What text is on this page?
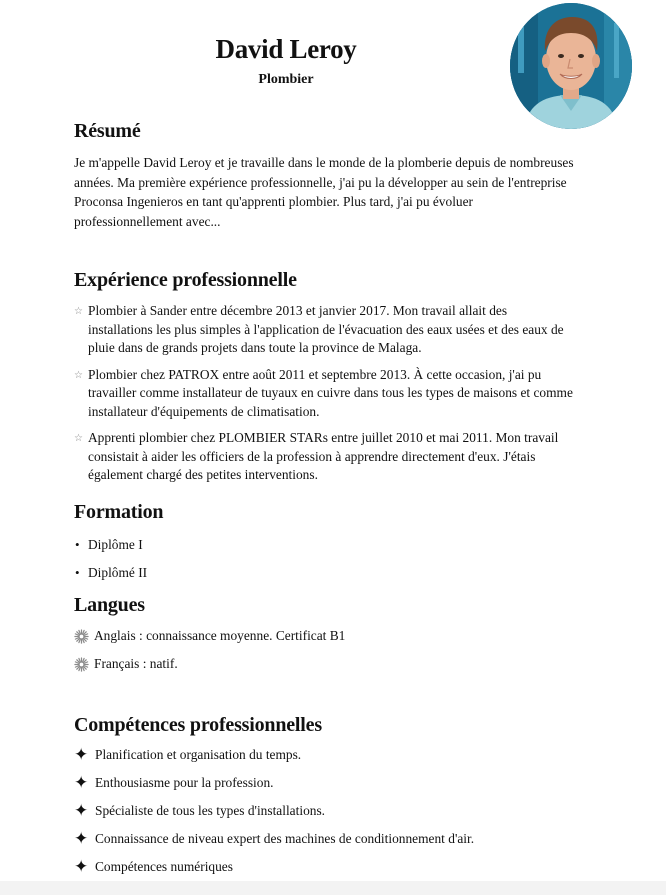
David Leroy
Plombier
Résumé

Je m'appelle David Leroy et je travaille dans le monde de la plomberie depuis de nombreuses années. Ma première expérience professionnelle, j'ai pu la développer au sein de l'entreprise Proconsa Ingenieros en tant qu'apprenti plombier. Plus tard, j'ai pu évoluer professionnellement avec...

Expérience professionnelle
☆ Plombier à Sander entre décembre 2013 et janvier 2017. Mon travail allait des installations les plus simples à l'application de l'évacuation des eaux usées et des eaux de pluie dans de grands projets dans toute la province de Malaga.
☆ Plombier chez PATROX entre août 2011 et septembre 2013. À cette occasion, j'ai pu travailler comme installateur de tuyaux en cuivre dans tous les types de maisons et comme installateur d'équipements de climatisation.
☆ Apprenti plombier chez PLOMBIER STARs entre juillet 2010 et mai 2011. Mon travail consistait à aider les officiers de la profession à apprendre directement d'eux. J'étais également chargé des petites interventions.
Formation
• Diplôme I
• Diplômé II
Langues
Anglais : connaissance moyenne. Certificat B1
Français : natif.
Compétences professionnelles
✦ Planification et organisation du temps.
✦ Enthousiasme pour la profession.
✦ Spécialiste de tous les types d'installations.
✦ Connaissance de niveau expert des machines de conditionnement d'air.
✦ Compétences numériques
